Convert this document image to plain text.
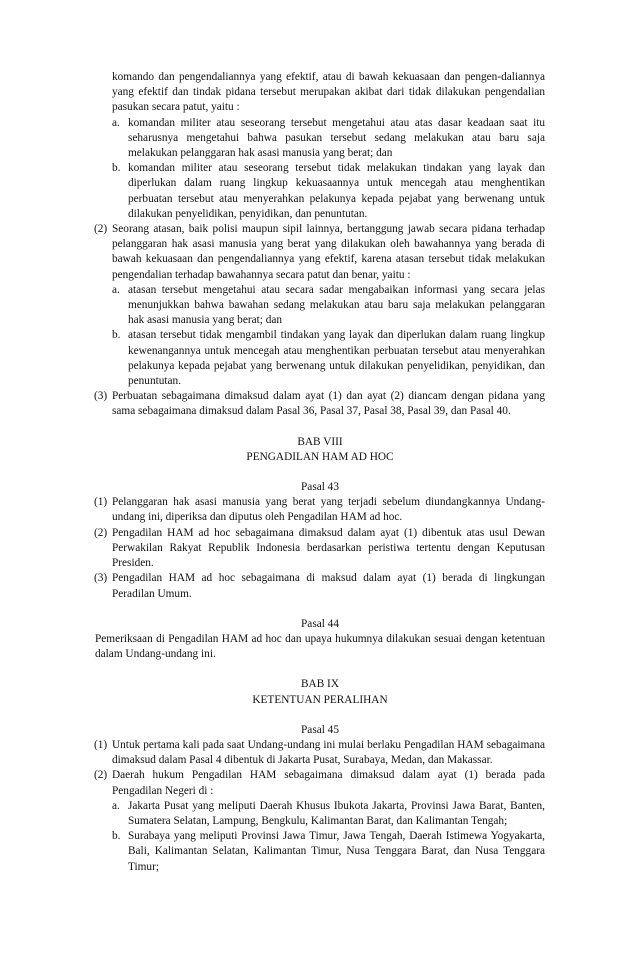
komando dan pengendaliannya yang efektif, atau di bawah kekuasaan dan pengen-daliannya yang efektif dan tindak pidana tersebut merupakan akibat dari tidak dilakukan pengendalian pasukan secara patut, yaitu :

a. komandan militer atau seseorang tersebut mengetahui atau atas dasar keadaan saat itu seharusnya mengetahui bahwa pasukan tersebut sedang melakukan atau baru saja melakukan pelanggaran hak asasi manusia yang berat; dan
b. komandan militer atau seseorang tersebut tidak melakukan tindakan yang layak dan diperlukan dalam ruang lingkup kekuasaannya untuk mencegah atau menghentikan perbuatan tersebut atau menyerahkan pelakunya kepada pejabat yang berwenang untuk dilakukan penyelidikan, penyidikan, dan penuntutan.
(2) Seorang atasan, baik polisi maupun sipil lainnya, bertanggung jawab secara pidana terhadap pelanggaran hak asasi manusia yang berat yang dilakukan oleh bawahannya yang berada di bawah kekuasaan dan pengendaliannya yang efektif, karena atasan tersebut tidak melakukan pengendalian terhadap bawahannya secara patut dan benar, yaitu :
a. atasan tersebut mengetahui atau secara sadar mengabaikan informasi yang secara jelas menunjukkan bahwa bawahan sedang melakukan atau baru saja melakukan pelanggaran hak asasi manusia yang berat; dan
b. atasan tersebut tidak mengambil tindakan yang layak dan diperlukan dalam ruang lingkup kewenangannya untuk mencegah atau menghentikan perbuatan tersebut atau menyerahkan pelakunya kepada pejabat yang berwenang untuk dilakukan penyelidikan, penyidikan, dan penuntutan.
(3) Perbuatan sebagaimana dimaksud dalam ayat (1) dan ayat (2) diancam dengan pidana yang sama sebagaimana dimaksud dalam Pasal 36, Pasal 37, Pasal 38, Pasal 39, dan Pasal 40.
BAB VIII
PENGADILAN HAM AD HOC
Pasal 43
(1) Pelanggaran hak asasi manusia yang berat yang terjadi sebelum diundangkannya Undang-undang ini, diperiksa dan diputus oleh Pengadilan HAM ad hoc.
(2) Pengadilan HAM ad hoc sebagaimana dimaksud dalam ayat (1) dibentuk atas usul Dewan Perwakilan Rakyat Republik Indonesia berdasarkan peristiwa tertentu dengan Keputusan Presiden.
(3) Pengadilan HAM ad hoc sebagaimana di maksud dalam ayat (1) berada di lingkungan Peradilan Umum.
Pasal 44

Pemeriksaan di Pengadilan HAM ad hoc dan upaya hukumnya dilakukan sesuai dengan ketentuan dalam Undang-undang ini.

BAB IX
KETENTUAN PERALIHAN
Pasal 45
(1) Untuk pertama kali pada saat Undang-undang ini mulai berlaku Pengadilan HAM sebagaimana dimaksud dalam Pasal 4 dibentuk di Jakarta Pusat, Surabaya, Medan, dan Makassar.
(2) Daerah hukum Pengadilan HAM sebagaimana dimaksud dalam ayat (1) berada pada Pengadilan Negeri di :
a. Jakarta Pusat yang meliputi Daerah Khusus Ibukota Jakarta, Provinsi Jawa Barat, Banten, Sumatera Selatan, Lampung, Bengkulu, Kalimantan Barat, dan Kalimantan Tengah;
b. Surabaya yang meliputi Provinsi Jawa Timur, Jawa Tengah, Daerah Istimewa Yogyakarta, Bali, Kalimantan Selatan, Kalimantan Timur, Nusa Tenggara Barat, dan Nusa Tenggara Timur;
